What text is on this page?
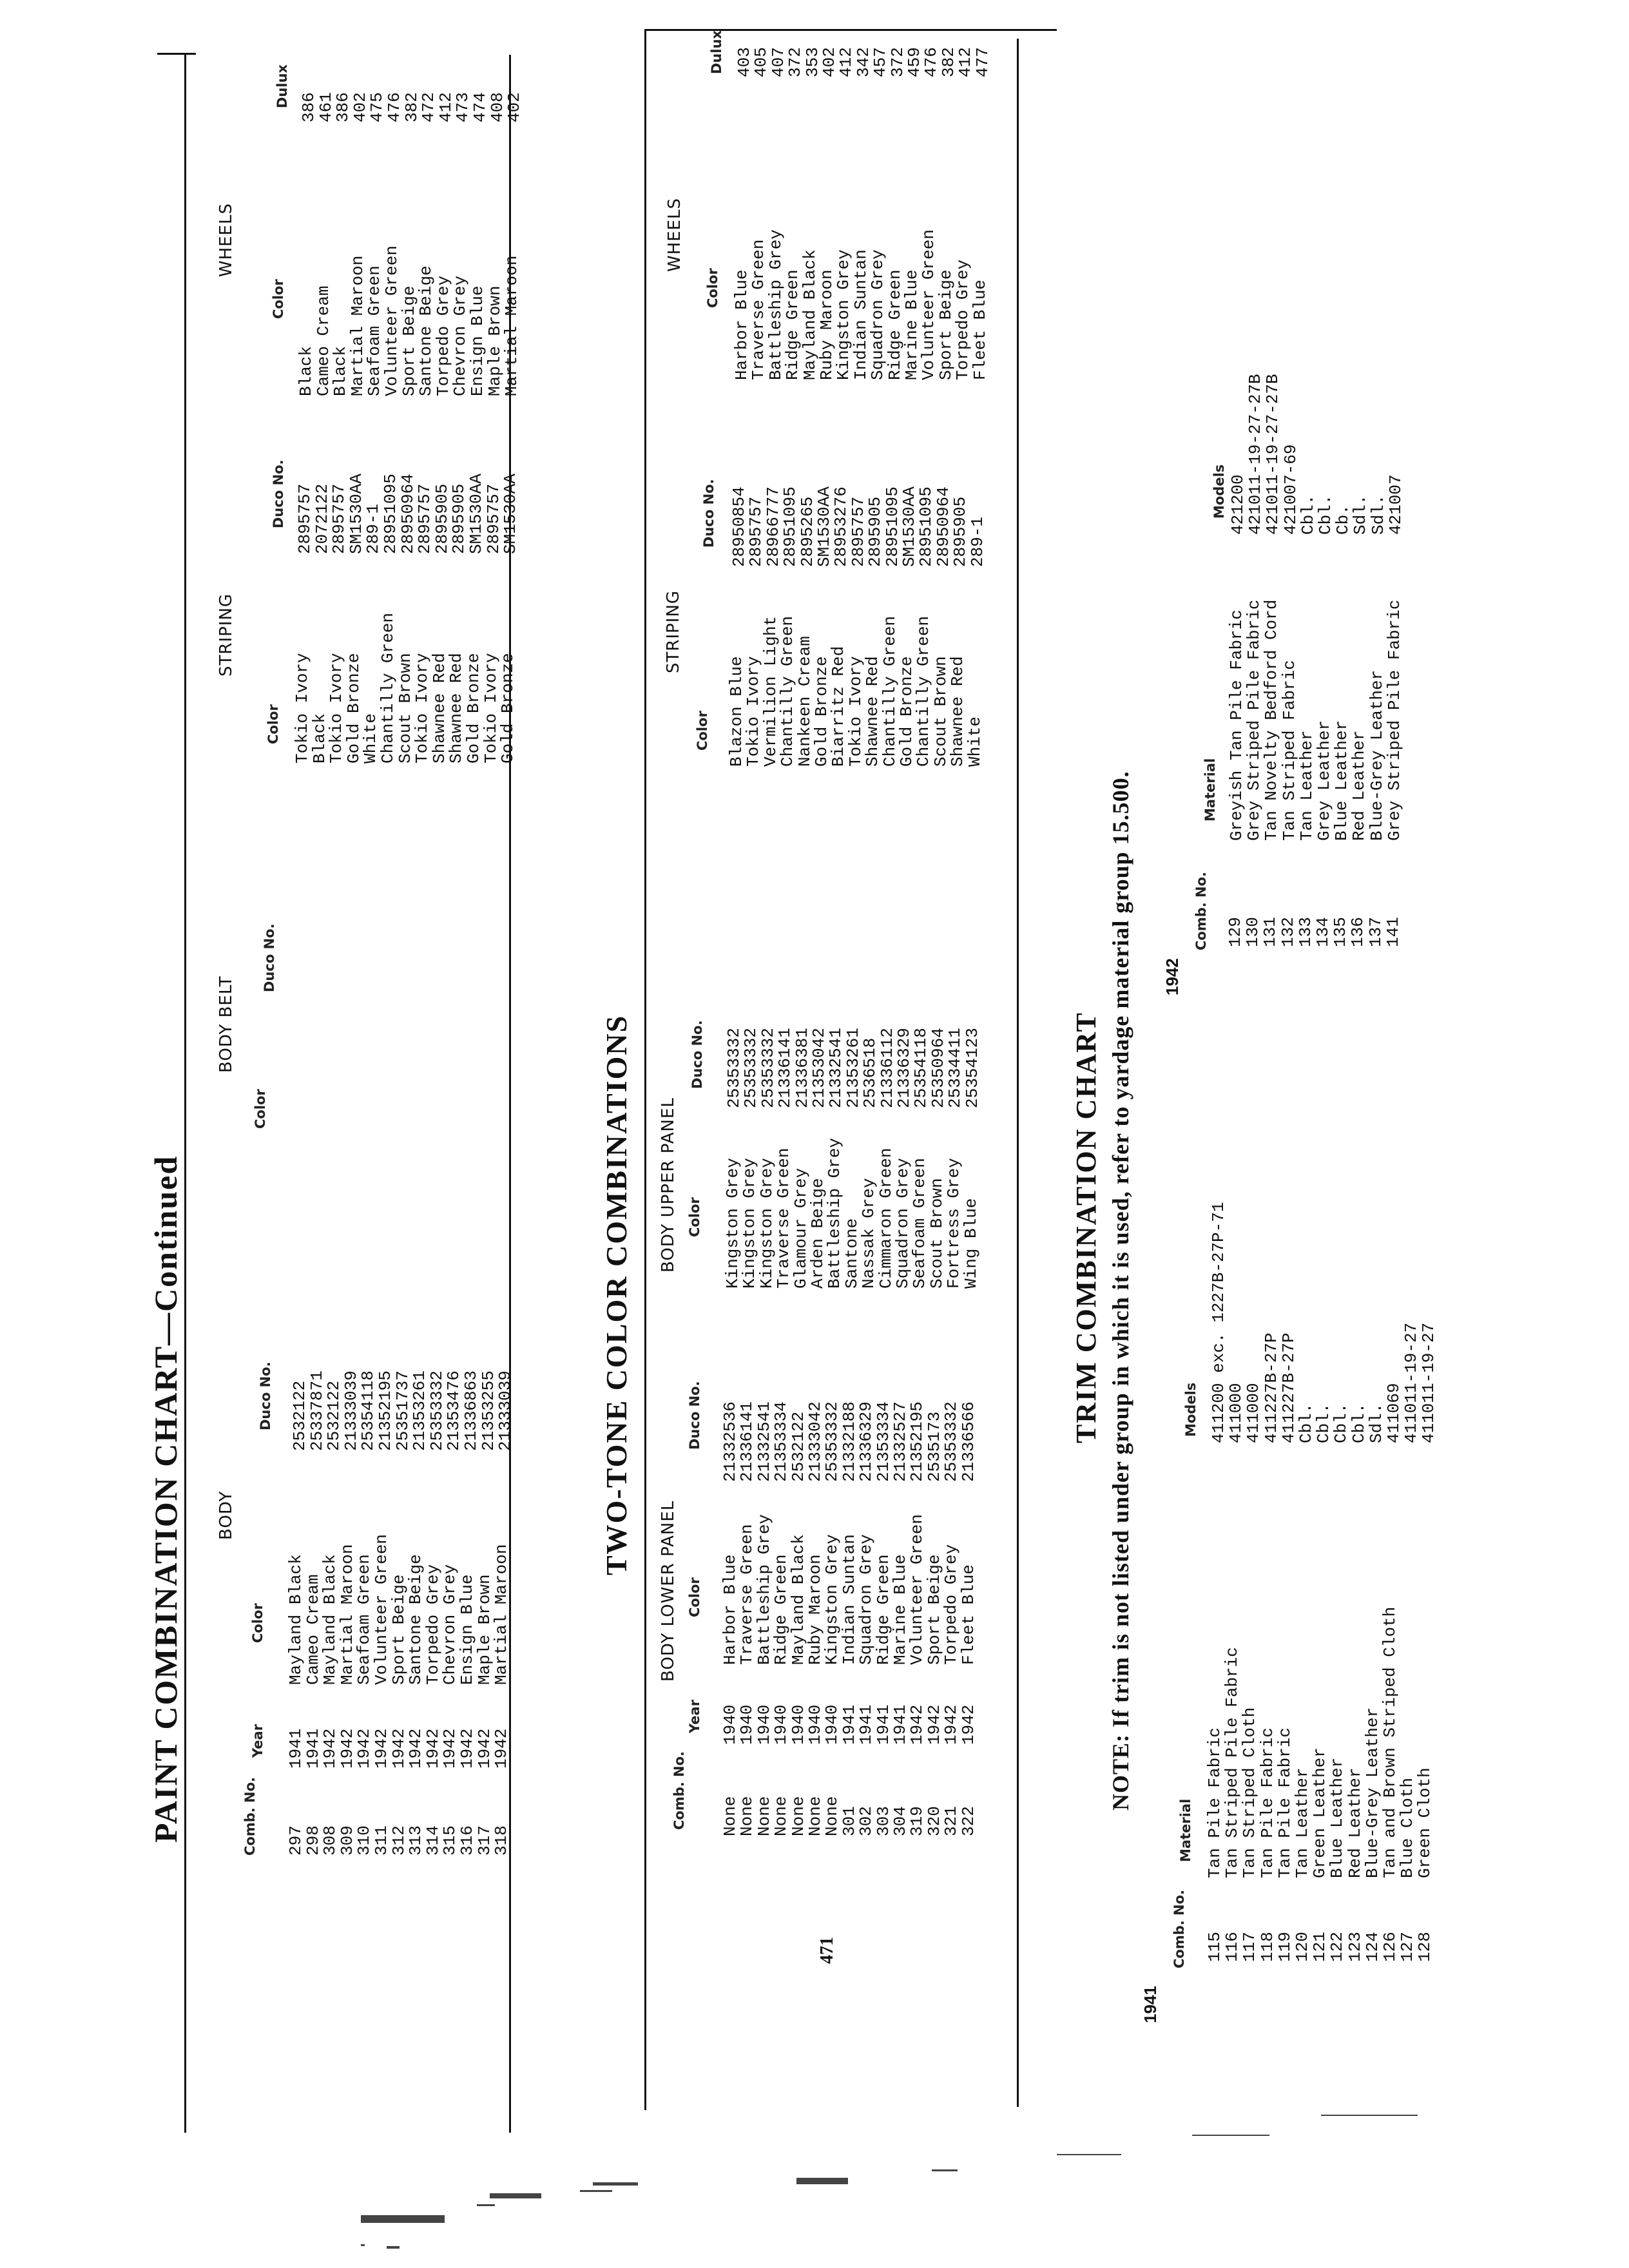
PAINT COMBINATION CHART—Continued BODY
BODY BELT
STRIPING
WHEELS
Comb. No.
Year
Color
Duco No.
Color
Duco No.
Color
Duco No.
Color
Dulux
297
298
308
309
310
311
312
313
314
315
316
317
318
1941
1941
1942
1942
1942
1942
1942
1942
1942
1942
1942
1942
1942
Mayland Black
Cameo Cream
Mayland Black
Martial Maroon
Seafoam Green
Volunteer Green
Sport Beige
Santone Beige
Torpedo Grey
Chevron Grey
Ensign Blue
Maple Brown
Martial Maroon
2532122
25337871
2532122
21333039
25354118
21352195
25351737
21353261
25353332
21353476
21336863
21353255
21333039
Tokio Ivory
Black
Tokio Ivory
Gold Bronze
White
Chantilly Green
Scout Brown
Tokio Ivory
Shawnee Red
Shawnee Red
Gold Bronze
Tokio Ivory
Gold Bronze
2895757
2072122
2895757
SM1530AA
289-1
28951095
28950964
2895757
2895905
2895905
SM1530AA
2895757
SM1530AA
Black
Cameo Cream
Black
Martial Maroon
Seafoam Green
Volunteer Green
Sport Beige
Santone Beige
Torpedo Grey
Chevron Grey
Ensign Blue
Maple Brown
Martial Maroon
386
461
386
402
475
476
382
472
412
473
474
408
402
TWO-TONE COLOR COMBINATIONS
BODY LOWER PANEL
BODY UPPER PANEL
STRIPING
WHEELS
Comb. No.
Year
Color
Duco No.
Color
Duco No.
Color
Duco No.
Color
Dulux
None
None
None
None
None
None
None
301
302
303
304
319
320
321
322
1940
1940
1940
1940
1940
1940
1940
1941
1941
1941
1941
1942
1942
1942
1942
Harbor Blue
Traverse Green
Battleship Grey
Ridge Green
Mayland Black
Ruby Maroon
Kingston Grey
Indian Suntan
Squadron Grey
Ridge Green
Marine Blue
Volunteer Green
Sport Beige
Torpedo Grey
Fleet Blue
21332536
21336141
21332541
21353334
2532122
21333042
25353332
21332188
21336329
21353334
21332527
21352195
2535173
25353332
21336566
Kingston Grey
Kingston Grey
Kingston Grey
Traverse Green
Glamour Grey
Arden Beige
Battleship Grey
Santone
Nassak Grey
Cimmaron Green
Squadron Grey
Seafoam Green
Scout Brown
Fortress Grey
Wing Blue
25353332
25353332
25353332
21336141
21336381
21353042
21332541
21353261
2536518
21336112
21336329
25354118
25350964
25334411
25354123
Blazon Blue
Tokio Ivory
Vermilion Light
Chantilly Green
Nankeen Cream
Gold Bronze
Biarritz Red
Tokio Ivory
Shawnee Red
Chantilly Green
Gold Bronze
Chantilly Green
Scout Brown
Shawnee Red
White
28950854
2895757
28966777
28951095
2895265
SM1530AA
28953276
2895757
2895905
28951095
SM1530AA
28951095
28950964
2895905
289-1
Harbor Blue
Traverse Green
Battleship Grey
Ridge Green
Mayland Black
Ruby Maroon
Kingston Grey
Indian Suntan
Squadron Grey
Ridge Green
Marine Blue
Volunteer Green
Sport Beige
Torpedo Grey
Fleet Blue
403
405
407
372
353
402
412
342
457
372
459
476
382
412
477
TRIM COMBINATION CHART NOTE: If trim is not listed under group in which it is used, refer to yardage material group 15.500.
1941
Comb. No.
Material
Models
115
116
117
118
119
120
121
122
123
124
126
127
128
Tan Pile Fabric
Tan Striped Pile Fabric
Tan Striped Cloth
Tan Pile Fabric
Tan Pile Fabric
Tan Leather
Green Leather
Blue Leather
Red Leather
Blue-Grey Leather
Tan and Brown Striped Cloth
Blue Cloth
Green Cloth
411200 exc. 1227B-27P-71
411000
411000
411227B-27P
411227B-27P
Cbl.
Cbl.
Cbl.
Cbl.
Sdl.
411069
411011-19-27
411011-19-27
1942
Comb. No.
Material
Models
129
130
131
132
133
134
135
136
137
141
Greyish Tan Pile Fabric
Grey Striped Pile Fabric
Tan Novelty Bedford Cord
Tan Striped Fabric
Tan Leather
Grey Leather
Blue Leather
Red Leather
Blue-Grey Leather
Grey Striped Pile Fabric
421200
421011-19-27-27B
421011-19-27-27B
421007-69
Cbl.
Cbl.
Cb.
Sdl.
Sdl.
421007
471
